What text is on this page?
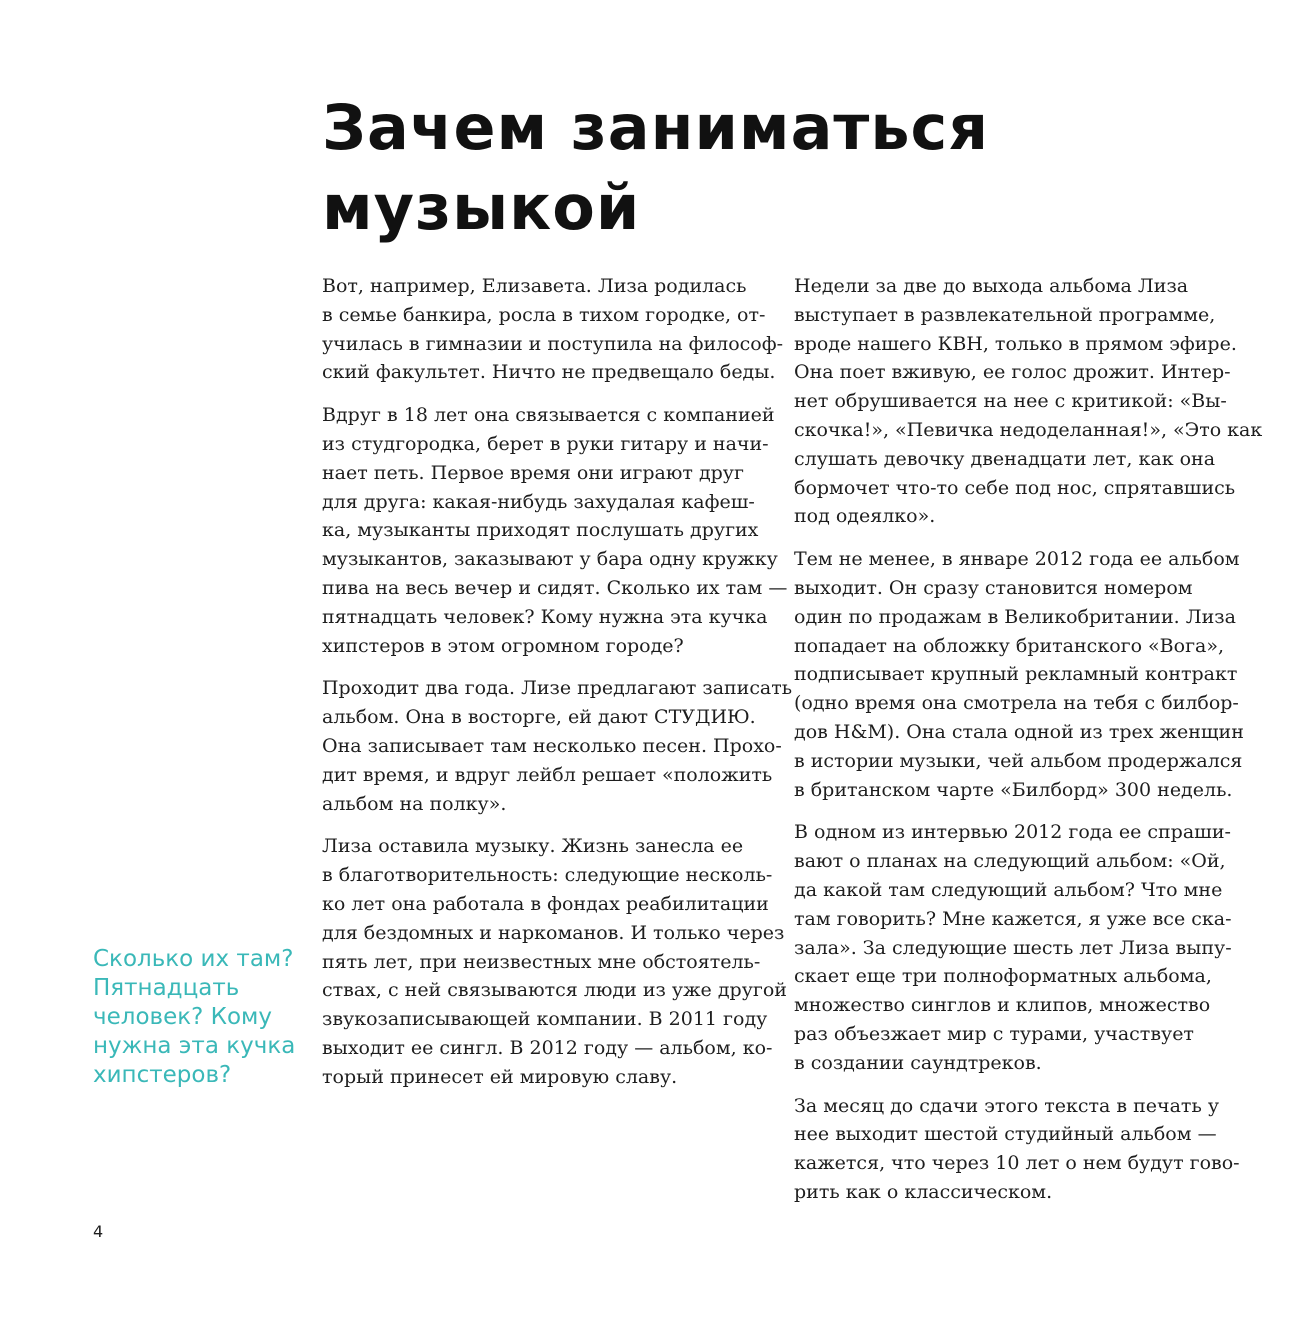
Зачем заниматься
музыкой

Вот, например, Елизавета. Лиза родилась
в семье банкира, росла в тихом городке, от-
училась в гимназии и поступила на философ-
ский факультет. Ничто не предвещало беды.

Вдруг в 18 лет она связывается с компанией
из студгородка, берет в руки гитару и начи-
нает петь. Первое время они играют друг
для друга: какая-нибудь захудалая кафеш-
ка, музыканты приходят послушать других
музыкантов, заказывают у бара одну кружку
пива на весь вечер и сидят. Сколько их там —
пятнадцать человек? Кому нужна эта кучка
хипстеров в этом огромном городе?

Проходит два года. Лизе предлагают записать
альбом. Она в восторге, ей дают СТУДИЮ.
Она записывает там несколько песен. Прохо-
дит время, и вдруг лейбл решает «положить
альбом на полку».

Лиза оставила музыку. Жизнь занесла ее
в благотворительность: следующие несколь-
ко лет она работала в фондах реабилитации
для бездомных и наркоманов. И только через
пять лет, при неизвестных мне обстоятель-
ствах, с ней связываются люди из уже другой
звукозаписывающей компании. В 2011 году
выходит ее сингл. В 2012 году — альбом, ко-
торый принесет ей мировую славу.

Недели за две до выхода альбома Лиза
выступает в развлекательной программе,
вроде нашего КВН, только в прямом эфире.
Она поет вживую, ее голос дрожит. Интер-
нет обрушивается на нее с критикой: «Вы-
скочка!», «Певичка недоделанная!», «Это как
слушать девочку двенадцати лет, как она
бормочет что-то себе под нос, спрятавшись
под одеялко».

Тем не менее, в январе 2012 года ее альбом
выходит. Он сразу становится номером
один по продажам в Великобритании. Лиза
попадает на обложку британского «Вога»,
подписывает крупный рекламный контракт
(одно время она смотрела на тебя с билбор-
дов H&M). Она стала одной из трех женщин
в истории музыки, чей альбом продержался
в британском чарте «Билборд» 300 недель.

В одном из интервью 2012 года ее спраши-
вают о планах на следующий альбом: «Ой,
да какой там следующий альбом? Что мне
там говорить? Мне кажется, я уже все ска-
зала». За следующие шесть лет Лиза выпу-
скает еще три полноформатных альбома,
множество синглов и клипов, множество
раз объезжает мир с турами, участвует
в создании саундтреков.

За месяц до сдачи этого текста в печать у
нее выходит шестой студийный альбом —
кажется, что через 10 лет о нем будут гово-
рить как о классическом.

Сколько их там?
Пятнадцать
человек? Кому
нужна эта кучка
хипстеров?
4
